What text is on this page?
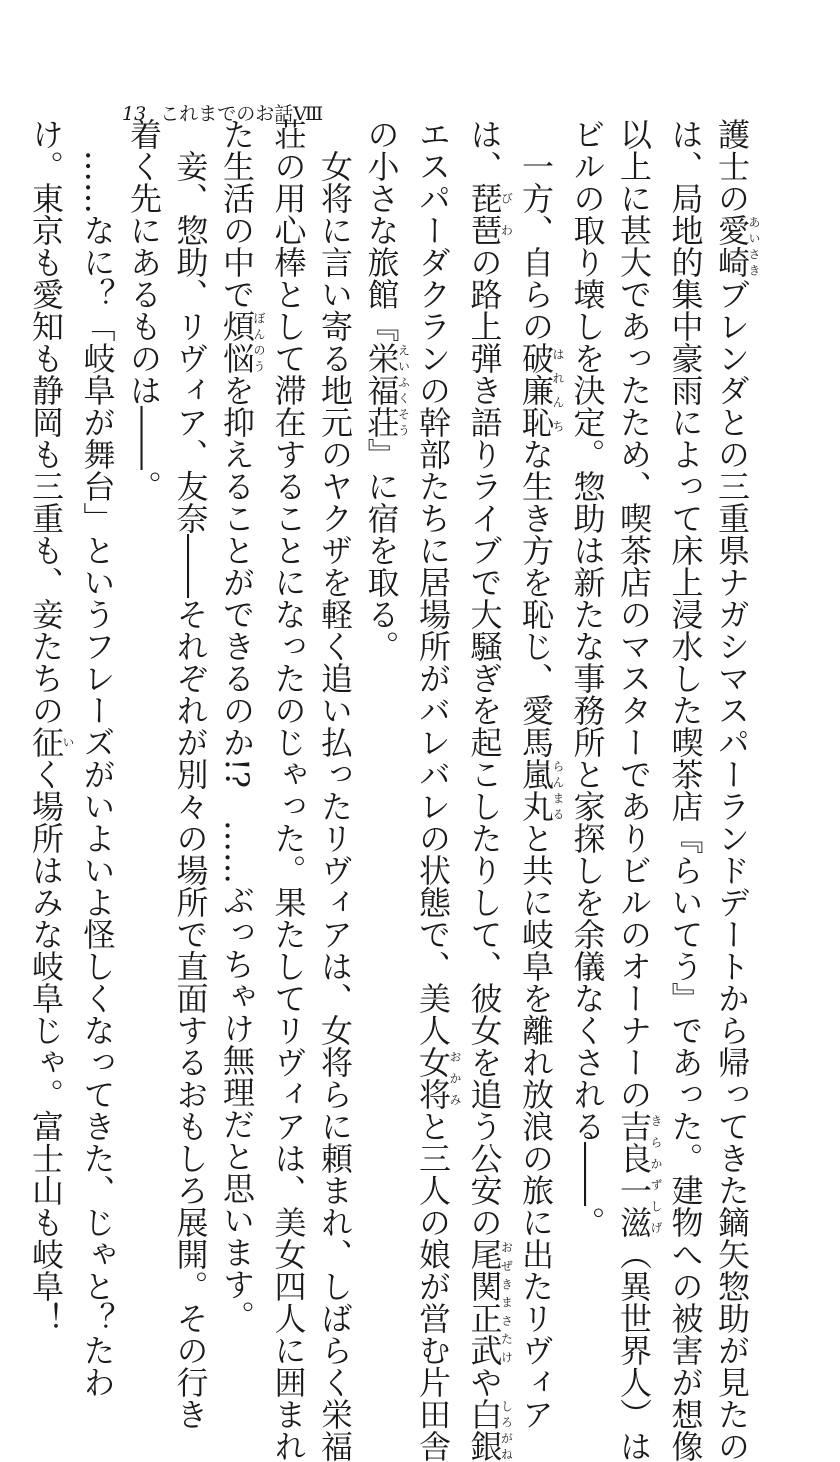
13 これまでのお話Ⅷ

護士の愛崎あいさきブレンダとの三重県ナガシマスパーランドデートから帰ってきた鏑矢惣助が見たの

は、局地的集中豪雨によって床上浸水した喫茶店『らいてう』であった。建物への被害が想像

以上に甚大であったため、喫茶店のマスターでありビルのオーナーの吉良一滋きらかずしげ（異世界人）は

ビルの取り壊しを決定。惣助は新たな事務所と家探しを余儀なくされる――。

一方、自らの破廉恥はれんちな生き方を恥じ、愛馬嵐丸らんまると共に岐阜を離れ放浪の旅に出たリヴィア

は、琵琶びわの路上弾き語りライブで大騒ぎを起こしたりして、彼女を追う公安の尾関正武おぜきまさたけや白銀しろがね

エスパーダクランの幹部たちに居場所がバレバレの状態で、美人女将おかみと三人の娘が営む片田舎

の小さな旅館『栄福荘えいふくそう』に宿を取る。

女将に言い寄る地元のヤクザを軽く追い払ったリヴィアは、女将らに頼まれ、しばらく栄福

荘の用心棒として滞在することになったのじゃった。果たしてリヴィアは、美女四人に囲まれ

た生活の中で煩悩ぼんのうを抑えることができるのか!?　……ぶっちゃけ無理だと思います。

妾、惣助、リヴィア、友奈――それぞれが別々の場所で直面するおもしろ展開。その行き

着く先にあるものは――。

……なに？「岐阜が舞台」というフレーズがいよいよ怪しくなってきた、じゃと？たわ

け。東京も愛知も静岡も三重も、妾たちの征いく場所はみな岐阜じゃ。富士山も岐阜！
